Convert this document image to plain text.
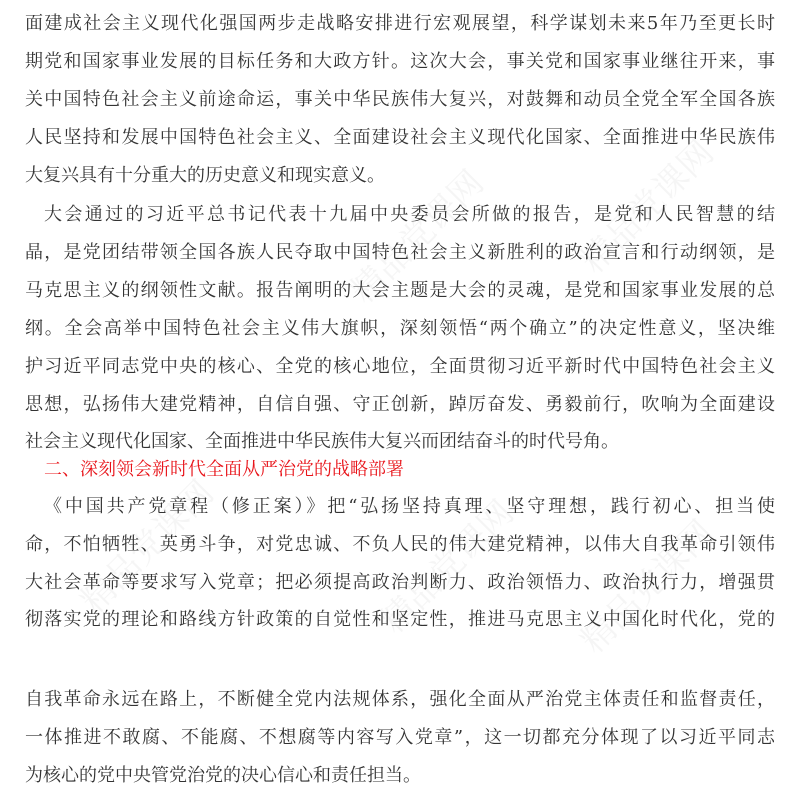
精品党课网 精品党课网
精品党课网	精品党课网 精品党课网
面建成社会主义现代化强国两步走战略安排进行宏观展望，科学谋划未来5年乃至更长时
期党和国家事业发展的目标任务和大政方针。这次大会，事关党和国家事业继往开来，事
关中国特色社会主义前途命运，事关中华民族伟大复兴，对鼓舞和动员全党全军全国各族
人民坚持和发展中国特色社会主义、全面建设社会主义现代化国家、全面推进中华民族伟
大复兴具有十分重大的历史意义和现实意义。
大会通过的习近平总书记代表十九届中央委员会所做的报告，是党和人民智慧的结
晶，是党团结带领全国各族人民夺取中国特色社会主义新胜利的政治宣言和行动纲领，是
马克思主义的纲领性文献。报告阐明的大会主题是大会的灵魂，是党和国家事业发展的总
纲。全会高举中国特色社会主义伟大旗帜，深刻领悟“两个确立”的决定性意义，坚决维
护习近平同志党中央的核心、全党的核心地位，全面贯彻习近平新时代中国特色社会主义
思想，弘扬伟大建党精神，自信自强、守正创新，踔厉奋发、勇毅前行，吹响为全面建设
社会主义现代化国家、全面推进中华民族伟大复兴而团结奋斗的时代号角。
二、深刻领会新时代全面从严治党的战略部署
《中国共产党章程（修正案）》把“弘扬坚持真理、坚守理想，践行初心、担当使
命，不怕牺牲、英勇斗争，对党忠诚、不负人民的伟大建党精神，以伟大自我革命引领伟
大社会革命等要求写入党章；把必须提高政治判断力、政治领悟力、政治执行力，增强贯
彻落实党的理论和路线方针政策的自觉性和坚定性，推进马克思主义中国化时代化，党的
自我革命永远在路上，不断健全党内法规体系，强化全面从严治党主体责任和监督责任，
一体推进不敢腐、不能腐、不想腐等内容写入党章”，这一切都充分体现了以习近平同志
为核心的党中央管党治党的决心信心和责任担当。
